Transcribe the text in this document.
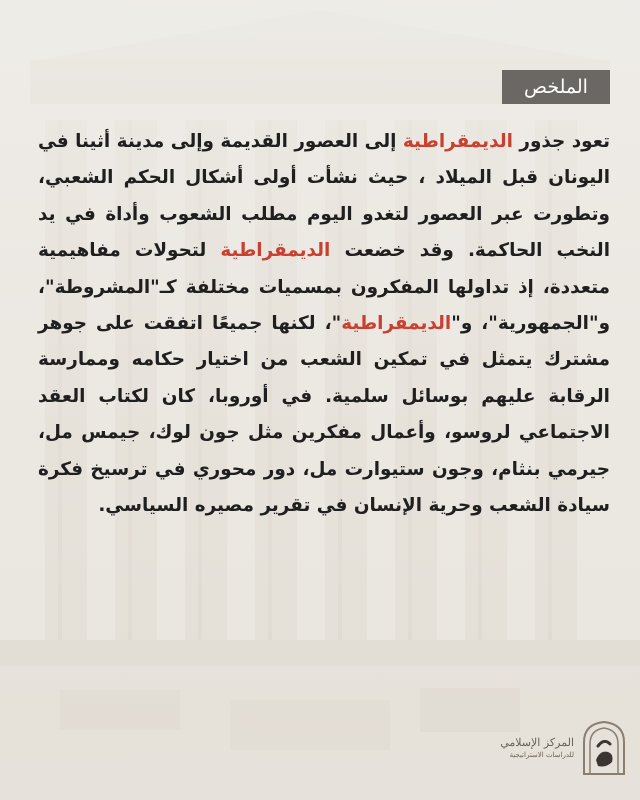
الملخص

تعود جذور الديمقراطية إلى العصور القديمة وإلى مدينة أثينا في اليونان قبل الميلاد ، حيث نشأت أولى أشكال الحكم الشعبي، وتطورت عبر العصور لتغدو اليوم مطلب الشعوب وأداة في يد النخب الحاكمة. وقد خضعت الديمقراطية لتحولات مفاهيمية متعددة، إذ تداولها المفكرون بمسميات مختلفة كـ"المشروطة"، و"الجمهورية"، و"الديمقراطية"، لكنها جميعًا اتفقت على جوهر مشترك يتمثل في تمكين الشعب من اختيار حكامه وممارسة الرقابة عليهم بوسائل سلمية. في أوروبا، كان لكتاب العقد الاجتماعي لروسو، وأعمال مفكرين مثل جون لوك، جيمس مل، جيرمي بنثام، وجون ستيوارت مل، دور محوري في ترسيخ فكرة سيادة الشعب وحرية الإنسان في تقرير مصيره السياسي.

المركز الإسلامي
للدراسات الاستراتيجية
